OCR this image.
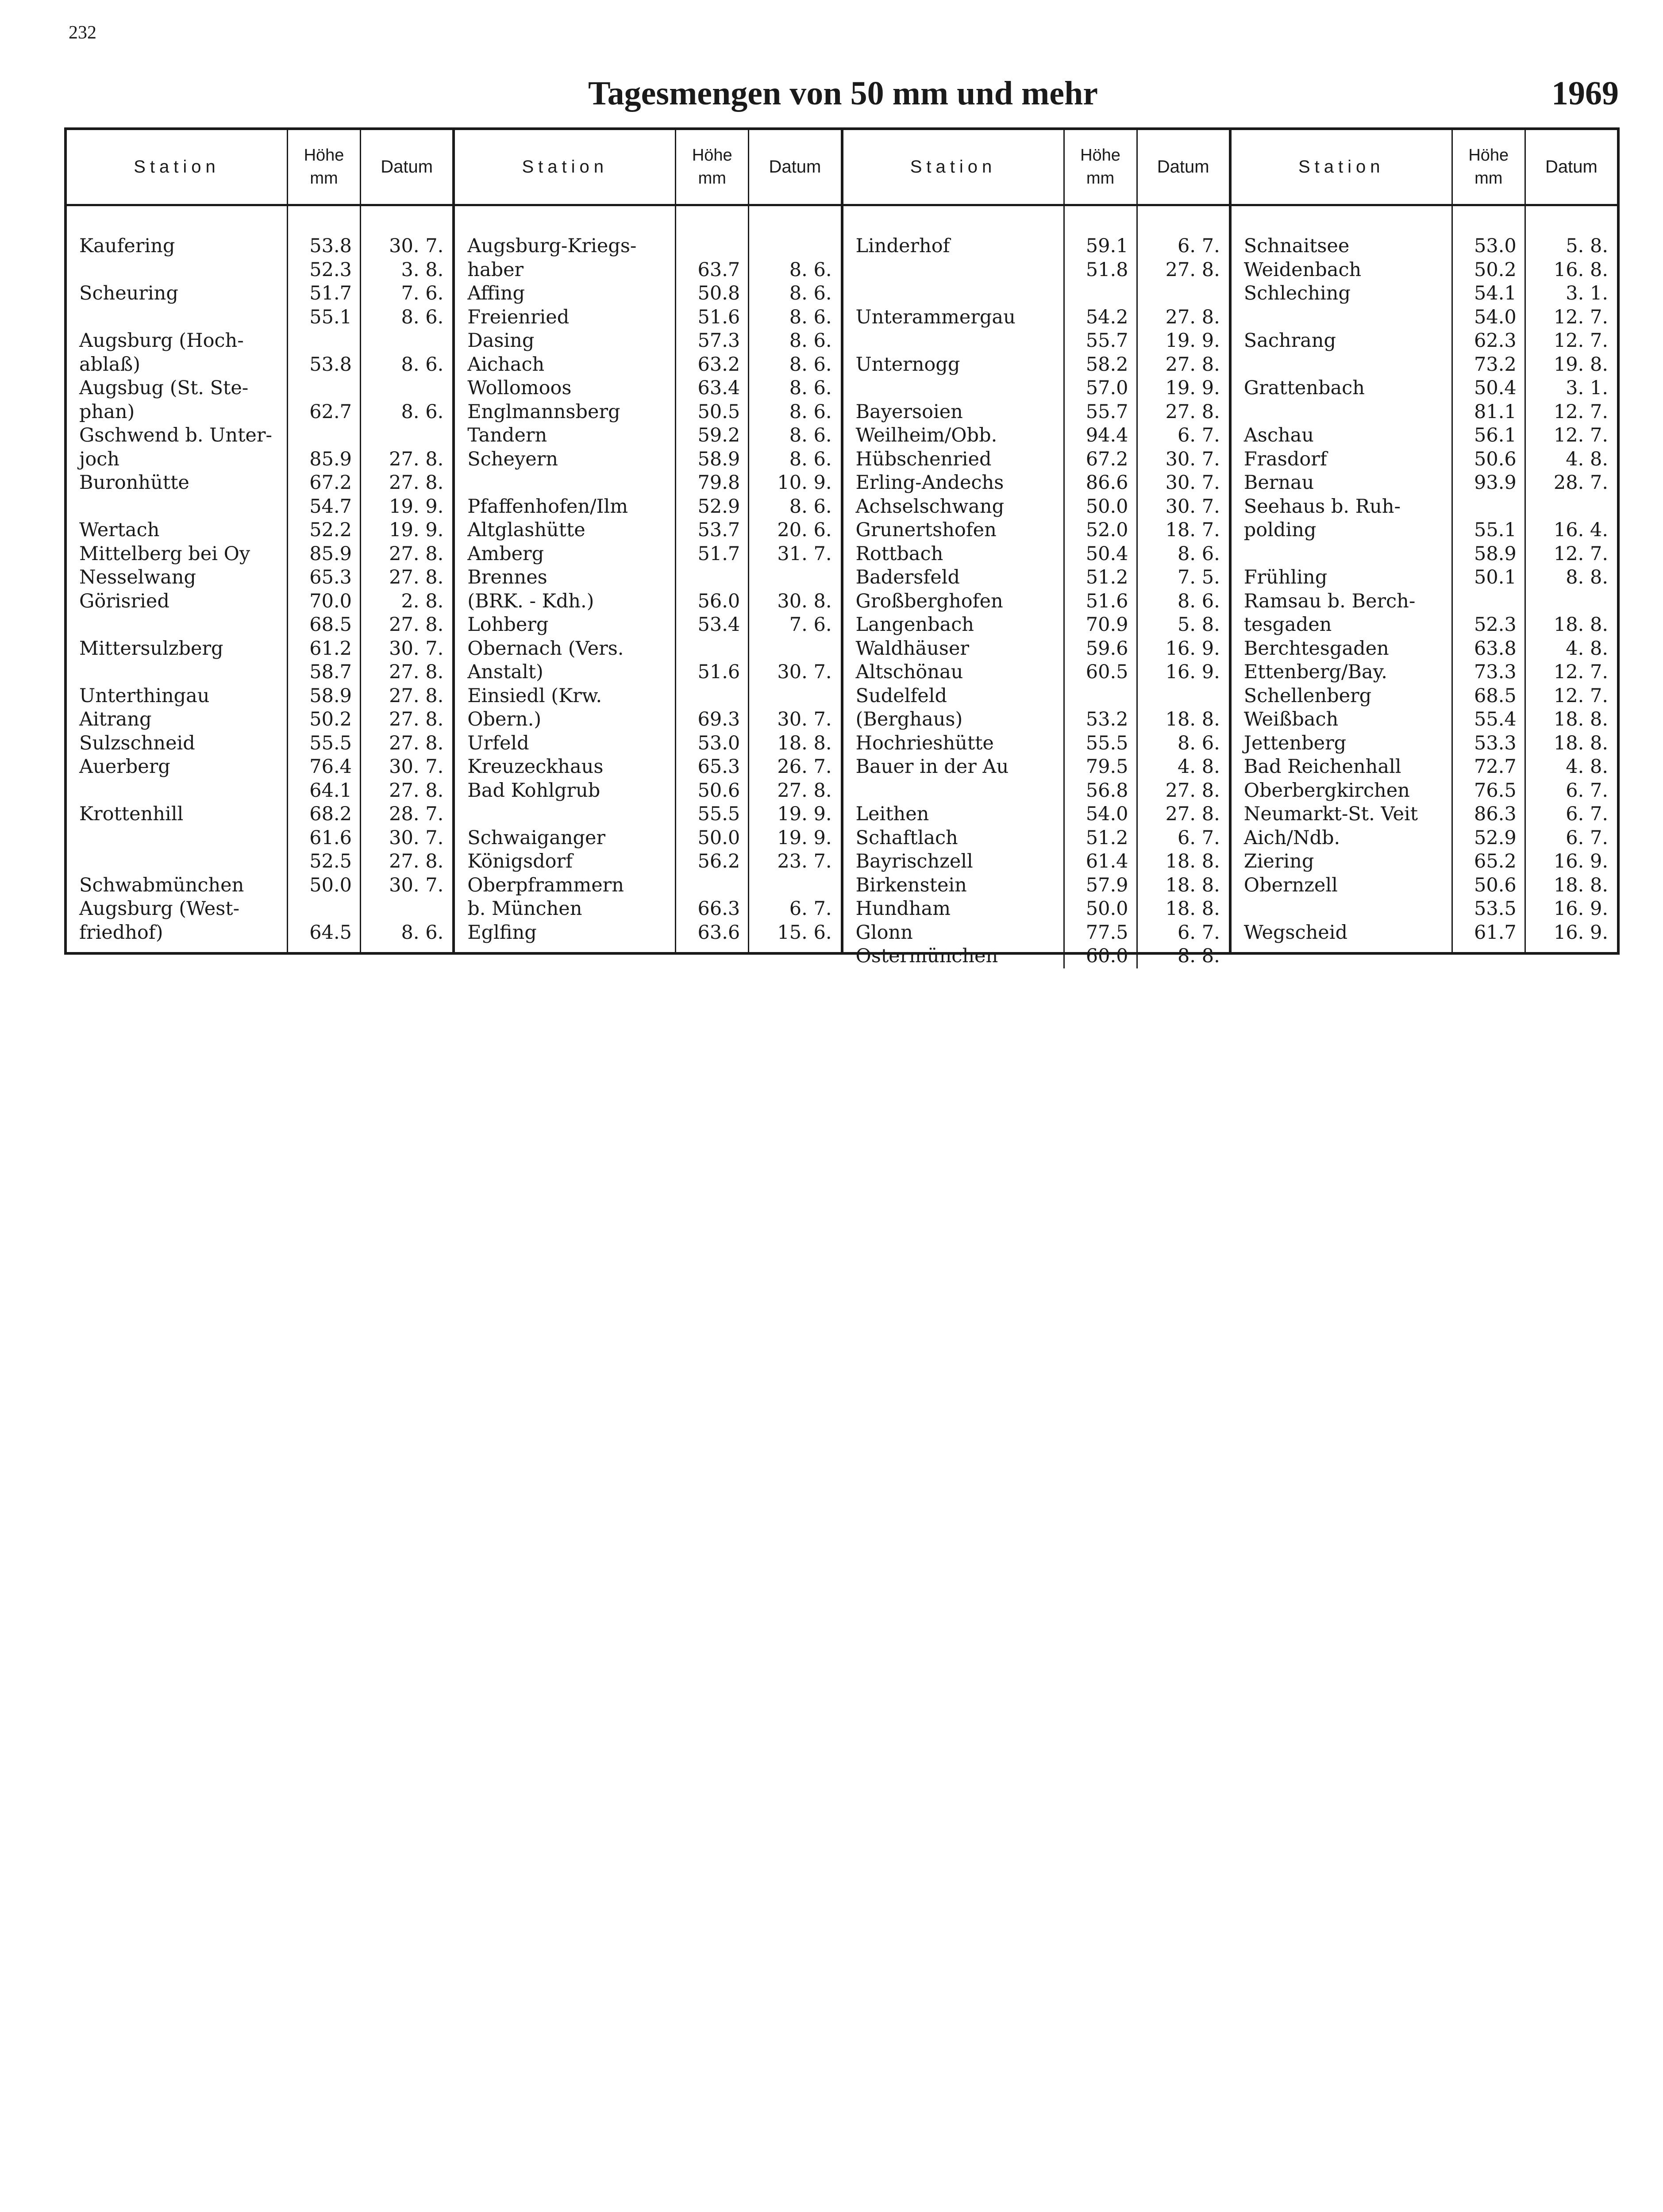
232
Tagesmengen von 50 mm und mehr	1969
Station
Höhe
mm
Datum
Kaufering
Scheuring
Augsburg (Hoch-
ablaß)
Augsbug (St. Ste-
phan)
Gschwend b. Unter-
joch
Buronhütte
Wertach
Mittelberg bei Oy
Nesselwang
Görisried
Mittersulzberg
Unterthingau
Aitrang
Sulzschneid
Auerberg
Krottenhill
Schwabmünchen
Augsburg (West-
friedhof)
53.8
52.3
51.7
55.1
53.8
62.7
85.9
67.2
54.7
52.2
85.9
65.3
70.0
68.5
61.2
58.7
58.9
50.2
55.5
76.4
64.1
68.2
61.6
52.5
50.0
64.5
30. 7.
3. 8.
7. 6.
8. 6.
8. 6.
8. 6.
27. 8.
27. 8.
19. 9.
19. 9.
27. 8.
27. 8.
2. 8.
27. 8.
30. 7.
27. 8.
27. 8.
27. 8.
27. 8.
30. 7.
27. 8.
28. 7.
30. 7.
27. 8.
30. 7.
8. 6.
Station
Höhe
mm
Datum
Augsburg-Kriegs-
haber
Affing
Freienried
Dasing
Aichach
Wollomoos
Englmannsberg
Tandern
Scheyern
Pfaffenhofen/Ilm
Altglashütte
Amberg
Brennes
(BRK. - Kdh.)
Lohberg
Obernach (Vers.
Anstalt)
Einsiedl (Krw.
Obern.)
Urfeld
Kreuzeckhaus
Bad Kohlgrub
Schwaiganger
Königsdorf
Oberpframmern
b. München
Eglfing
63.7
50.8
51.6
57.3
63.2
63.4
50.5
59.2
58.9
79.8
52.9
53.7
51.7
56.0
53.4
51.6
69.3
53.0
65.3
50.6
55.5
50.0
56.2
66.3
63.6
8. 6.
8. 6.
8. 6.
8. 6.
8. 6.
8. 6.
8. 6.
8. 6.
8. 6.
10. 9.
8. 6.
20. 6.
31. 7.
30. 8.
7. 6.
30. 7.
30. 7.
18. 8.
26. 7.
27. 8.
19. 9.
19. 9.
23. 7.
6. 7.
15. 6.
Station
Höhe
mm
Datum
Linderhof
Unterammergau
Unternogg
Bayersoien
Weilheim/Obb.
Hübschenried
Erling-Andechs
Achselschwang
Grunertshofen
Rottbach
Badersfeld
Großberghofen
Langenbach
Waldhäuser
Altschönau
Sudelfeld
(Berghaus)
Hochrieshütte
Bauer in der Au
Leithen
Schaftlach
Bayrischzell
Birkenstein
Hundham
Glonn
Ostermünchen
59.1
51.8
54.2
55.7
58.2
57.0
55.7
94.4
67.2
86.6
50.0
52.0
50.4
51.2
51.6
70.9
59.6
60.5
53.2
55.5
79.5
56.8
54.0
51.2
61.4
57.9
50.0
77.5
60.0
6. 7.
27. 8.
27. 8.
19. 9.
27. 8.
19. 9.
27. 8.
6. 7.
30. 7.
30. 7.
30. 7.
18. 7.
8. 6.
7. 5.
8. 6.
5. 8.
16. 9.
16. 9.
18. 8.
8. 6.
4. 8.
27. 8.
27. 8.
6. 7.
18. 8.
18. 8.
18. 8.
6. 7.
8. 8.
Station
Höhe
mm
Datum
Schnaitsee
Weidenbach
Schleching
Sachrang
Grattenbach
Aschau
Frasdorf
Bernau
Seehaus b. Ruh-
polding
Frühling
Ramsau b. Berch-
tesgaden
Berchtesgaden
Ettenberg/Bay.
Schellenberg
Weißbach
Jettenberg
Bad Reichenhall
Oberbergkirchen
Neumarkt-St. Veit
Aich/Ndb.
Ziering
Obernzell
Wegscheid
53.0
50.2
54.1
54.0
62.3
73.2
50.4
81.1
56.1
50.6
93.9
55.1
58.9
50.1
52.3
63.8
73.3
68.5
55.4
53.3
72.7
76.5
86.3
52.9
65.2
50.6
53.5
61.7
5. 8.
16. 8.
3. 1.
12. 7.
12. 7.
19. 8.
3. 1.
12. 7.
12. 7.
4. 8.
28. 7.
16. 4.
12. 7.
8. 8.
18. 8.
4. 8.
12. 7.
12. 7.
18. 8.
18. 8.
4. 8.
6. 7.
6. 7.
6. 7.
16. 9.
18. 8.
16. 9.
16. 9.
